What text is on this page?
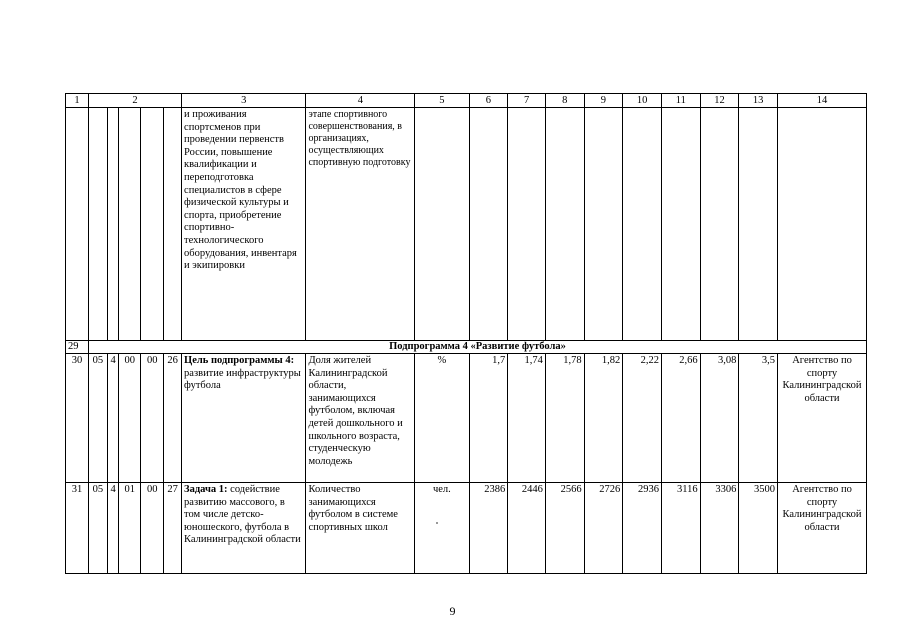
1	2					3	4	5	6	7	8	9	10	11	12	13	14
						и проживания спортсменов при проведении первенств России, повышение квалификации и переподготовка специалистов в сфере физической культуры и спорта, приобретение спортивно-технологического оборудования, инвентаря и экипировки	этапе спортивного совершенствования, в организациях, осуществляющих спортивную подготовку										
29	Подпрограмма 4 «Развитие футбола»																
30	05	4	00	00	26	Цель подпрограммы 4: развитие инфраструктуры футбола	Доля жителей Калининградской области, занимающихся футболом, включая детей дошкольного и школьного возраста, студенческую молодежь	%	1,7	1,74	1,78	1,82	2,22	2,66	3,08	3,5	Агентство по спорту Калининградской области
31	05	4	01	00	27	Задача 1: содействие развитию массового, в том числе детско-юношеского, футбола в Калининградской области	Количество занимающихся футболом в системе спортивных школ	чел.	2386	2446	2566	2726	2936	3116	3306	3500	Агентство по спорту Калининградской области
9
